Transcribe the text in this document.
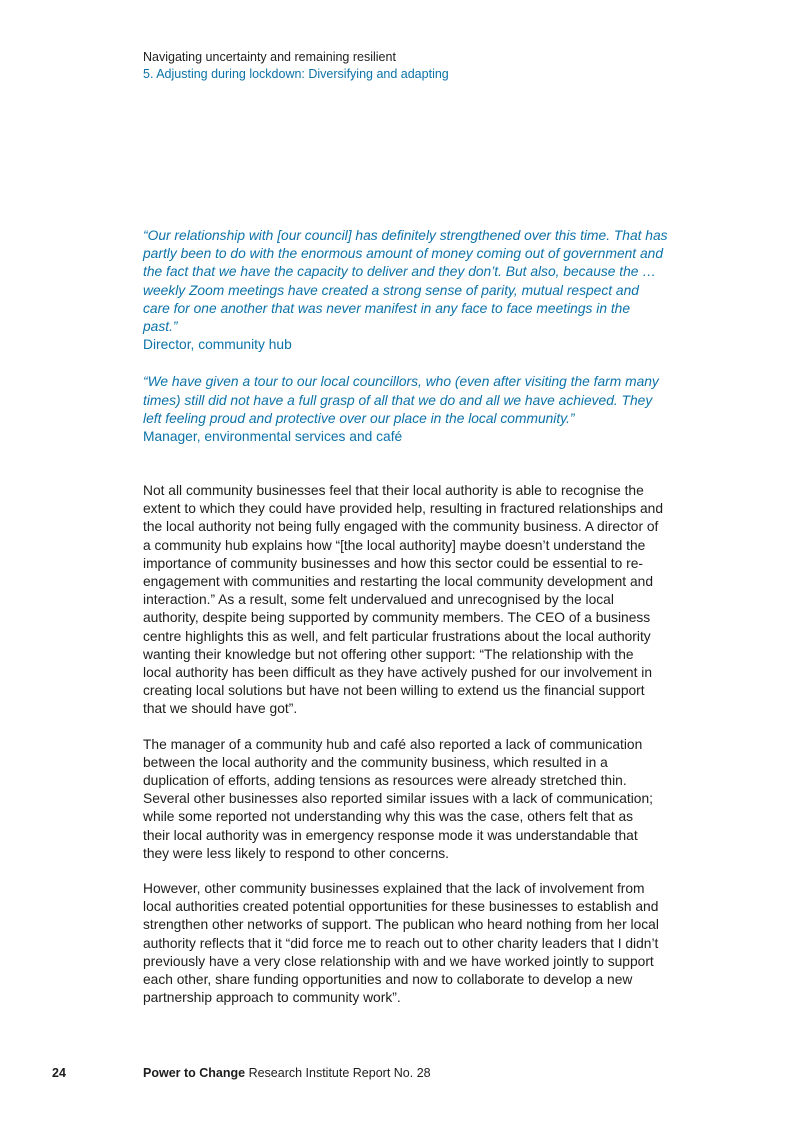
Navigating uncertainty and remaining resilient
5. Adjusting during lockdown: Diversifying and adapting
“Our relationship with [our council] has definitely strengthened over this time. That has partly been to do with the enormous amount of money coming out of government and the fact that we have the capacity to deliver and they don’t. But also, because the … weekly Zoom meetings have created a strong sense of parity, mutual respect and care for one another that was never manifest in any face to face meetings in the past.”
Director, community hub
“We have given a tour to our local councillors, who (even after visiting the farm many times) still did not have a full grasp of all that we do and all we have achieved. They left feeling proud and protective over our place in the local community.”
Manager, environmental services and café

Not all community businesses feel that their local authority is able to recognise the extent to which they could have provided help, resulting in fractured relationships and the local authority not being fully engaged with the community business. A director of a community hub explains how “[the local authority] maybe doesn’t understand the importance of community businesses and how this sector could be essential to re-engagement with communities and restarting the local community development and interaction.” As a result, some felt undervalued and unrecognised by the local authority, despite being supported by community members. The CEO of a business centre highlights this as well, and felt particular frustrations about the local authority wanting their knowledge but not offering other support: “The relationship with the local authority has been difficult as they have actively pushed for our involvement in creating local solutions but have not been willing to extend us the financial support that we should have got”.

The manager of a community hub and café also reported a lack of communication between the local authority and the community business, which resulted in a duplication of efforts, adding tensions as resources were already stretched thin. Several other businesses also reported similar issues with a lack of communication; while some reported not understanding why this was the case, others felt that as their local authority was in emergency response mode it was understandable that they were less likely to respond to other concerns.

However, other community businesses explained that the lack of involvement from local authorities created potential opportunities for these businesses to establish and strengthen other networks of support. The publican who heard nothing from her local authority reflects that it “did force me to reach out to other charity leaders that I didn’t previously have a very close relationship with and we have worked jointly to support each other, share funding opportunities and now to collaborate to develop a new partnership approach to community work”.

24	Power to Change Research Institute Report No. 28
